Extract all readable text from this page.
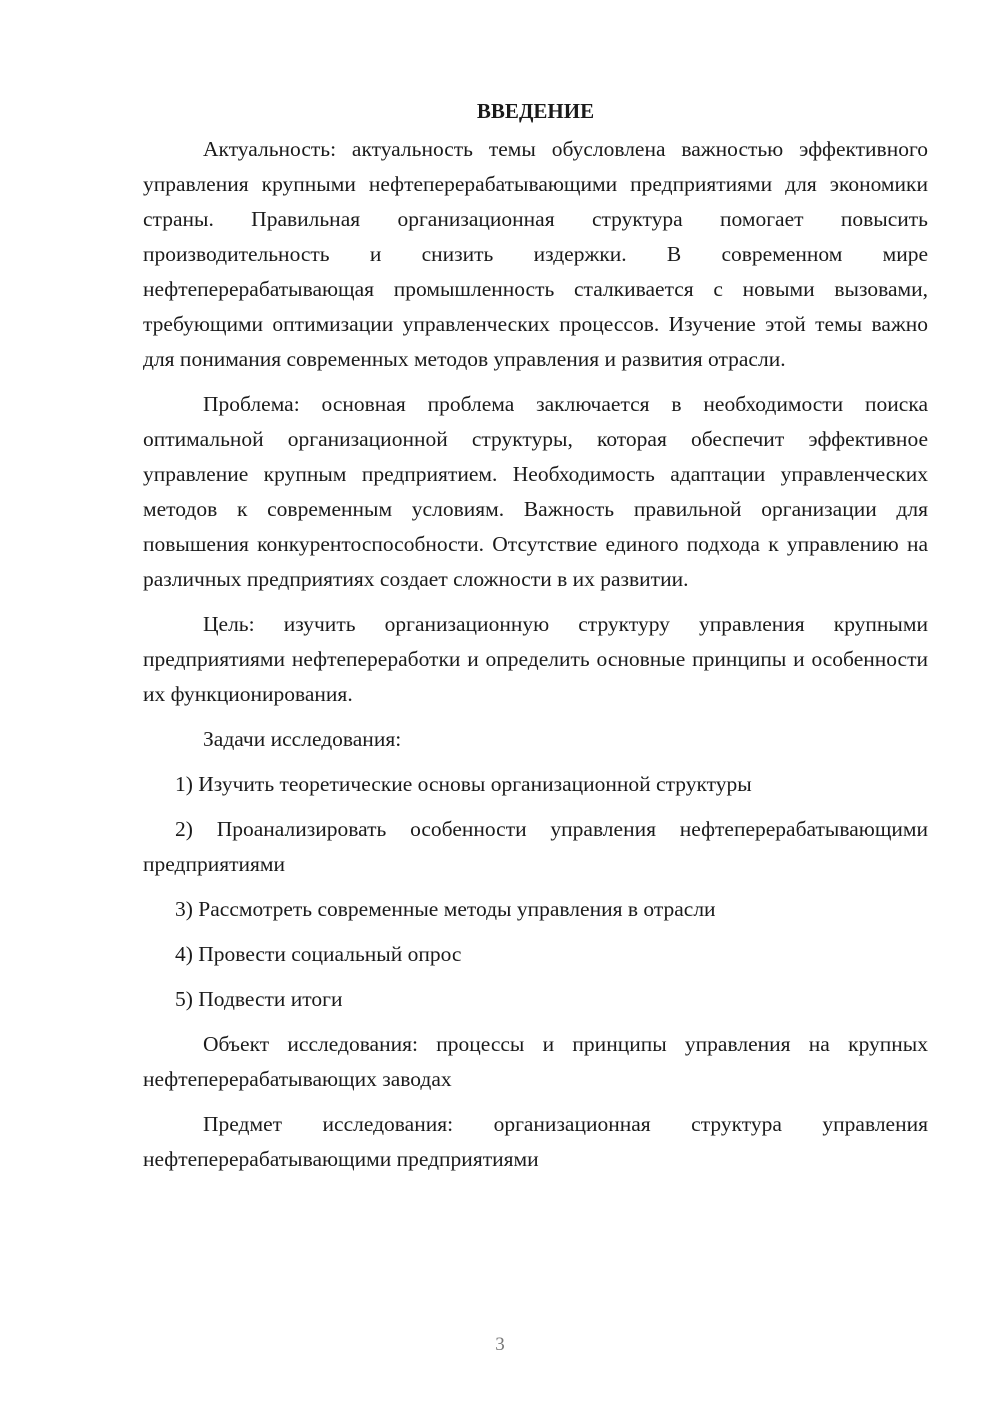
ВВЕДЕНИЕ

Актуальность: актуальность темы обусловлена важностью эффективного управления крупными нефтеперерабатывающими предприятиями для экономики страны. Правильная организационная структура помогает повысить производительность и снизить издержки. В современном мире нефтеперерабатывающая промышленность сталкивается с новыми вызовами, требующими оптимизации управленческих процессов. Изучение этой темы важно для понимания современных методов управления и развития отрасли.

Проблема: основная проблема заключается в необходимости поиска оптимальной организационной структуры, которая обеспечит эффективное управление крупным предприятием. Необходимость адаптации управленческих методов к современным условиям. Важность правильной организации для повышения конкурентоспособности. Отсутствие единого подхода к управлению на различных предприятиях создает сложности в их развитии.

Цель: изучить организационную структуру управления крупными предприятиями нефтепереработки и определить основные принципы и особенности их функционирования.

Задачи исследования:

1) Изучить теоретические основы организационной структуры

2) Проанализировать особенности управления нефтеперерабатывающими предприятиями

3) Рассмотреть современные методы управления в отрасли

4) Провести социальный опрос

5) Подвести итоги

Объект исследования: процессы и принципы управления на крупных нефтеперерабатывающих заводах

Предмет исследования: организационная структура управления нефтеперерабатывающими предприятиями

3
